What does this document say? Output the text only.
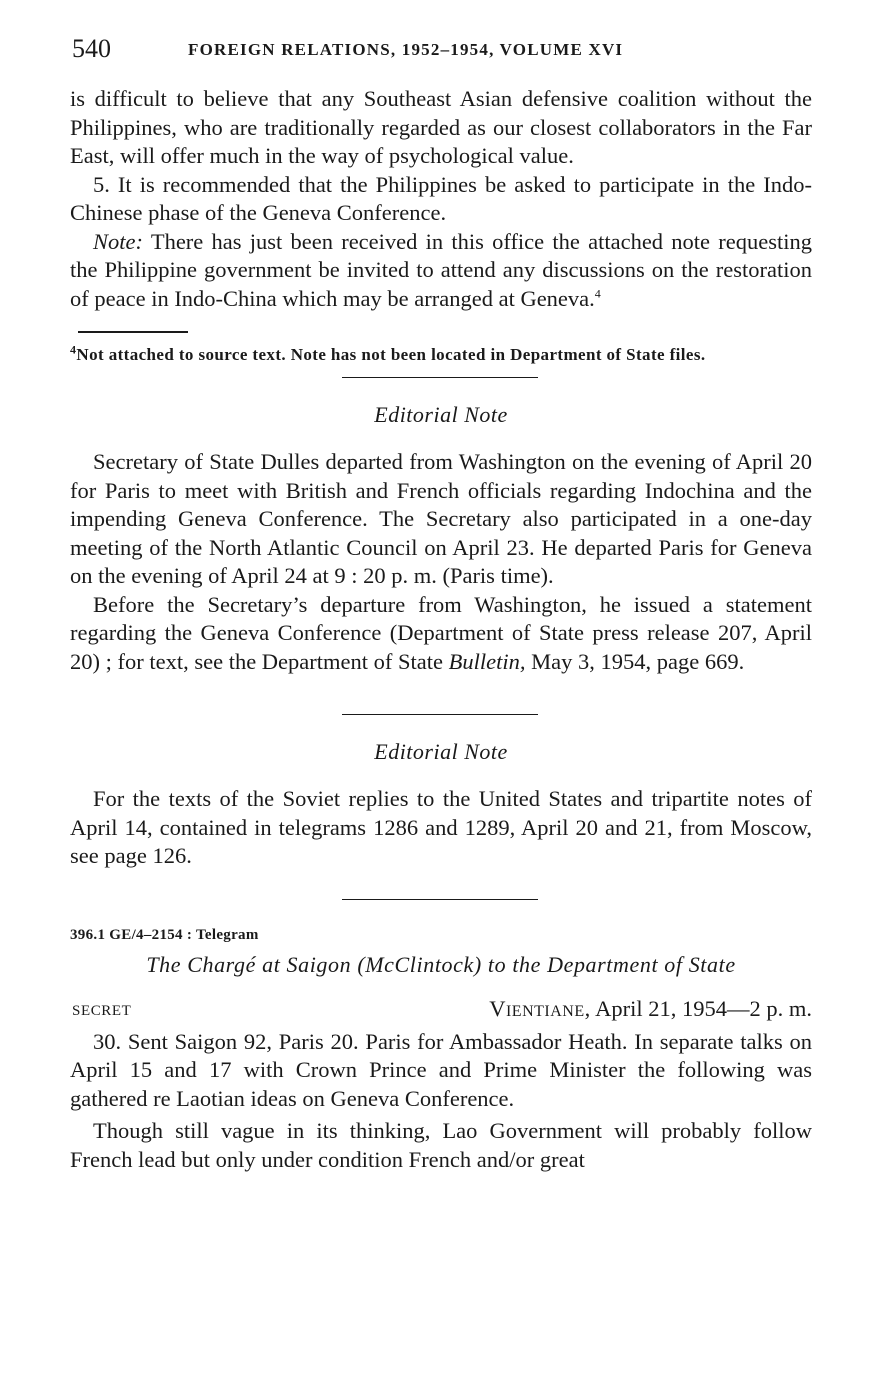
540	FOREIGN RELATIONS, 1952–1954, VOLUME XVI

is difficult to believe that any Southeast Asian defensive coalition without the Philippines, who are traditionally regarded as our closest collaborators in the Far East, will offer much in the way of psychological value.

5. It is recommended that the Philippines be asked to participate in the Indo-Chinese phase of the Geneva Conference.

Note: There has just been received in this office the attached note requesting the Philippine government be invited to attend any discussions on the restoration of peace in Indo-China which may be arranged at Geneva.$^4$

$^4$Not attached to source text. Note has not been located in Department of State files.

Editorial Note

Secretary of State Dulles departed from Washington on the evening of April 20 for Paris to meet with British and French officials regarding Indochina and the impending Geneva Conference. The Secretary also participated in a one-day meeting of the North Atlantic Council on April 23. He departed Paris for Geneva on the evening of April 24 at 9 : 20 p. m. (Paris time).

Before the Secretary’s departure from Washington, he issued a statement regarding the Geneva Conference (Department of State press release 207, April 20) ; for text, see the Department of State Bulletin, May 3, 1954, page 669.

Editorial Note

For the texts of the Soviet replies to the United States and tripartite notes of April 14, contained in telegrams 1286 and 1289, April 20 and 21, from Moscow, see page 126.

396.1 GE/4–2154 : Telegram
The Chargé at Saigon (McClintock) to the Department of State
SECRET	Vientiane, April 21, 1954—2 p. m.

30. Sent Saigon 92, Paris 20. Paris for Ambassador Heath. In separate talks on April 15 and 17 with Crown Prince and Prime Minister the following was gathered re Laotian ideas on Geneva Conference.

Though still vague in its thinking, Lao Government will probably follow French lead but only under condition French and/or great
